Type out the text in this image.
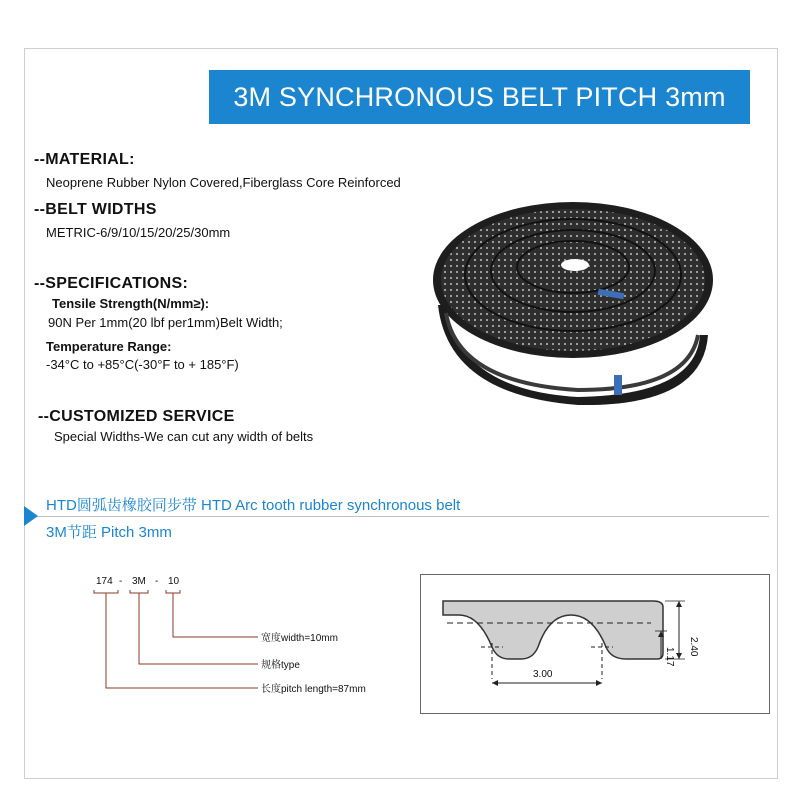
3M SYNCHRONOUS BELT PITCH 3mm
--MATERIAL:
Neoprene Rubber Nylon Covered,Fiberglass Core Reinforced
--BELT WIDTHS
METRIC-6/9/10/15/20/25/30mm
--SPECIFICATIONS:
Tensile Strength(N/mm≥):
90N Per 1mm(20 lbf per1mm)Belt Width;
Temperature Range:
-34°C to +85°C(-30°F to + 185°F)
--CUSTOMIZED SERVICE
Special Widths-We can cut any width of belts
HTD圆弧齿橡胶同步带 HTD Arc tooth rubber synchronous belt
3M节距 Pitch 3mm
174 - 3M - 10
宽度width=10mm
规格type
长度pitch length=87mm
3.00
2.40
1.17
